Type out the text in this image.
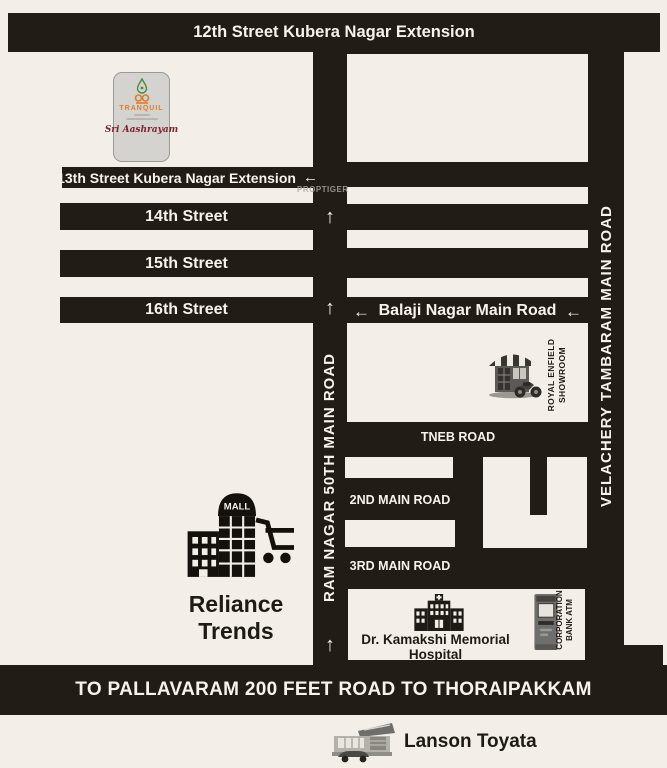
12th Street Kubera Nagar Extension
← Balaji Nagar Main Road ←
ROYAL ENFIELD SHOWROOM
TNEB ROAD
2ND MAIN ROAD
3RD MAIN ROAD
Dr. Kamakshi Memorial
Hospital
CORPORATION BANK ATM
RAM NAGAR 50TH MAIN ROAD	VELACHERY TAMBARAM MAIN ROAD
↑
↑
↑
13th Street Kubera Nagar Extension ←
14th Street
15th Street
16th Street
TRANQUIL
Sri Aashrayam
MALL
Reliance
Trends
TO PALLAVARAM 200 FEET ROAD TO THORAIPAKKAM
Lanson Toyata
PROPTIGER
